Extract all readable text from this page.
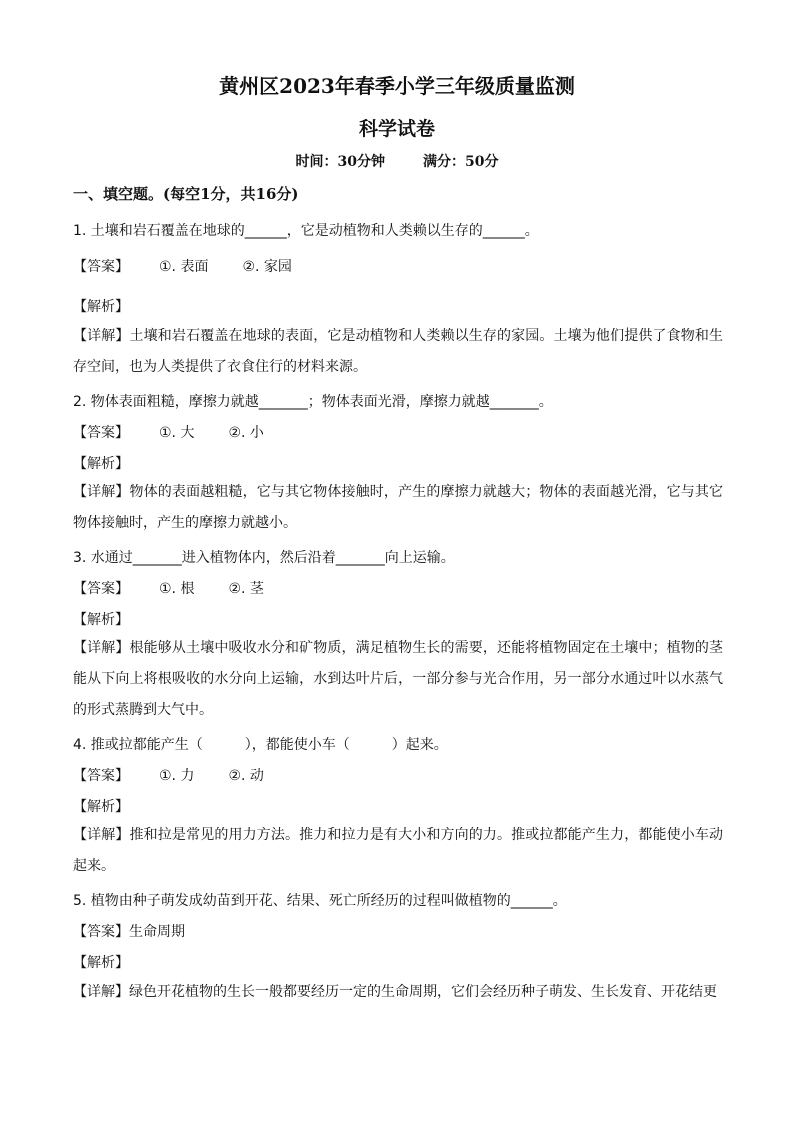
黄州区2023年春季小学三年级质量监测
科学试卷
时间：30分钟	满分：50分
一、填空题。(每空1分，共16分)
1. 土壤和岩石覆盖在地球的______，它是动植物和人类赖以生存的______。
【答案】 ①. 表面 ②. 家园
【解析】
【详解】土壤和岩石覆盖在地球的表面，它是动植物和人类赖以生存的家园。土壤为他们提供了食物和生存空间，也为人类提供了衣食住行的材料来源。
2. 物体表面粗糙，摩擦力就越_______；物体表面光滑，摩擦力就越_______。
【答案】 ①. 大 ②. 小
【解析】
【详解】物体的表面越粗糙，它与其它物体接触时，产生的摩擦力就越大；物体的表面越光滑，它与其它物体接触时，产生的摩擦力就越小。
3. 水通过_______进入植物体内，然后沿着_______向上运输。
【答案】 ①. 根 ②. 茎
【解析】
【详解】根能够从土壤中吸收水分和矿物质，满足植物生长的需要，还能将植物固定在土壤中；植物的茎能从下向上将根吸收的水分向上运输，水到达叶片后，一部分参与光合作用，另一部分水通过叶以水蒸气的形式蒸腾到大气中。
4. 推或拉都能产生（　　　），都能使小车（　　　）起来。
【答案】 ①. 力 ②. 动
【解析】
【详解】推和拉是常见的用力方法。推力和拉力是有大小和方向的力。推或拉都能产生力，都能使小车动起来。
5. 植物由种子萌发成幼苗到开花、结果、死亡所经历的过程叫做植物的______。
【答案】生命周期
【解析】
【详解】绿色开花植物的生长一般都要经历一定的生命周期，它们会经历种子萌发、生长发育、开花结更
